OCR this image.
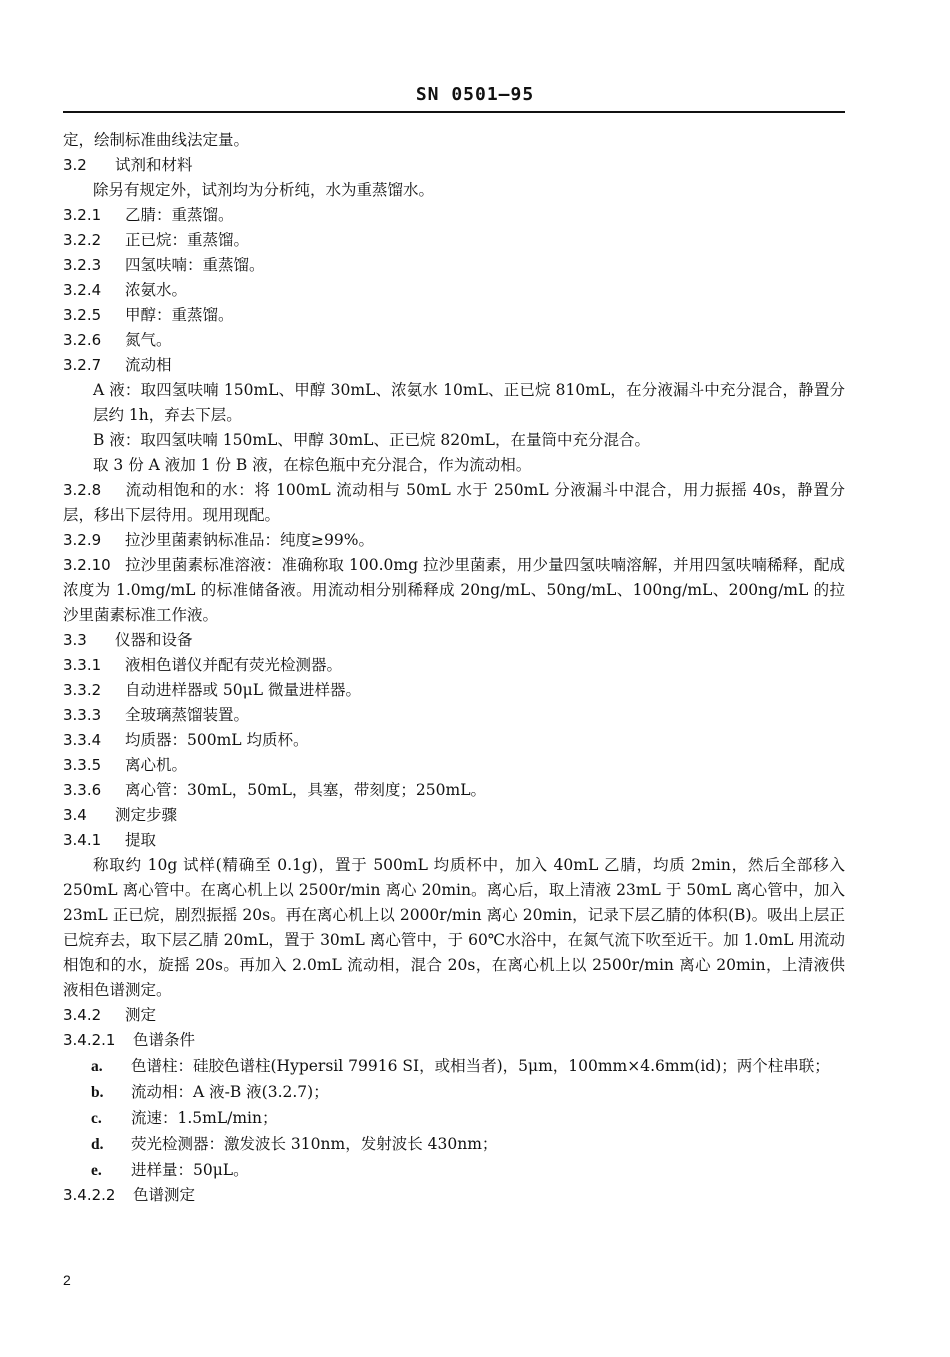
SN 0501—95
定，绘制标准曲线法定量。
3.2 试剂和材料
除另有规定外，试剂均为分析纯，水为重蒸馏水。
3.2.1 乙腈：重蒸馏。
3.2.2 正已烷：重蒸馏。
3.2.3 四氢呋喃：重蒸馏。
3.2.4 浓氨水。
3.2.5 甲醇：重蒸馏。
3.2.6 氮气。
3.2.7 流动相
A 液：取四氢呋喃 150mL、甲醇 30mL、浓氨水 10mL、正已烷 810mL，在分液漏斗中充分混合，静置分层约 1h，弃去下层。
B 液：取四氢呋喃 150mL、甲醇 30mL、正已烷 820mL，在量筒中充分混合。
取 3 份 A 液加 1 份 B 液，在棕色瓶中充分混合，作为流动相。
3.2.8 流动相饱和的水：将 100mL 流动相与 50mL 水于 250mL 分液漏斗中混合，用力振摇 40s，静置分层，移出下层待用。现用现配。
3.2.9 拉沙里菌素钠标准品：纯度≥99%。
3.2.10 拉沙里菌素标准溶液：准确称取 100.0mg 拉沙里菌素，用少量四氢呋喃溶解，并用四氢呋喃稀释，配成浓度为 1.0mg/mL 的标准储备液。用流动相分别稀释成 20ng/mL、50ng/mL、100ng/mL、200ng/mL 的拉沙里菌素标准工作液。
3.3 仪器和设备
3.3.1 液相色谱仪并配有荧光检测器。
3.3.2 自动进样器或 50μL 微量进样器。
3.3.3 全玻璃蒸馏装置。
3.3.4 均质器：500mL 均质杯。
3.3.5 离心机。
3.3.6 离心管：30mL，50mL，具塞，带刻度；250mL。
3.4 测定步骤
3.4.1 提取
称取约 10g 试样(精确至 0.1g)，置于 500mL 均质杯中，加入 40mL 乙腈，均质 2min，然后全部移入 250mL 离心管中。在离心机上以 2500r/min 离心 20min。离心后，取上清液 23mL 于 50mL 离心管中，加入 23mL 正已烷，剧烈振摇 20s。再在离心机上以 2000r/min 离心 20min，记录下层乙腈的体积(B)。吸出上层正已烷弃去，取下层乙腈 20mL，置于 30mL 离心管中，于 60℃水浴中，在氮气流下吹至近干。加 1.0mL 用流动相饱和的水，旋摇 20s。再加入 2.0mL 流动相，混合 20s，在离心机上以 2500r/min 离心 20min，上清液供液相色谱测定。
3.4.2 测定
3.4.2.1 色谱条件
a. 色谱柱：硅胶色谱柱(Hypersil 79916 SI，或相当者)，5μm，100mm×4.6mm(id)；两个柱串联；
b. 流动相：A 液-B 液(3.2.7)；
c. 流速：1.5mL/min；
d. 荧光检测器：激发波长 310nm，发射波长 430nm；
e. 进样量：50μL。
3.4.2.2 色谱测定
2
